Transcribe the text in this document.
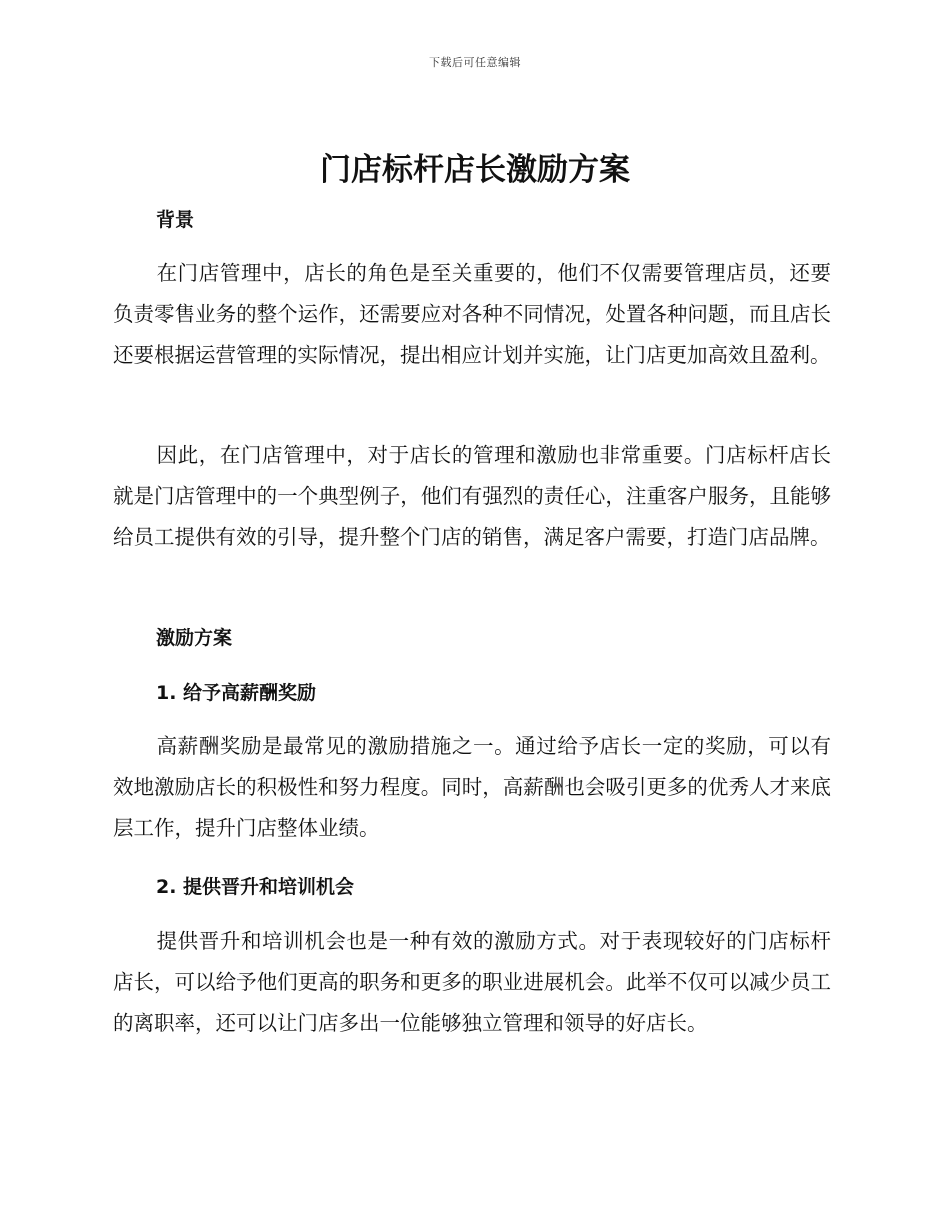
下载后可任意编辑
门店标杆店长激励方案
背景

在门店管理中，店长的角色是至关重要的，他们不仅需要管理店员，还要负责零售业务的整个运作，还需要应对各种不同情况，处置各种问题，而且店长还要根据运营管理的实际情况，提出相应计划并实施，让门店更加高效且盈利。

因此，在门店管理中，对于店长的管理和激励也非常重要。门店标杆店长就是门店管理中的一个典型例子，他们有强烈的责任心，注重客户服务，且能够给员工提供有效的引导，提升整个门店的销售，满足客户需要，打造门店品牌。

激励方案
1. 给予高薪酬奖励

高薪酬奖励是最常见的激励措施之一。通过给予店长一定的奖励，可以有效地激励店长的积极性和努力程度。同时，高薪酬也会吸引更多的优秀人才来底层工作，提升门店整体业绩。

2. 提供晋升和培训机会

提供晋升和培训机会也是一种有效的激励方式。对于表现较好的门店标杆店长，可以给予他们更高的职务和更多的职业进展机会。此举不仅可以减少员工的离职率，还可以让门店多出一位能够独立管理和领导的好店长。
